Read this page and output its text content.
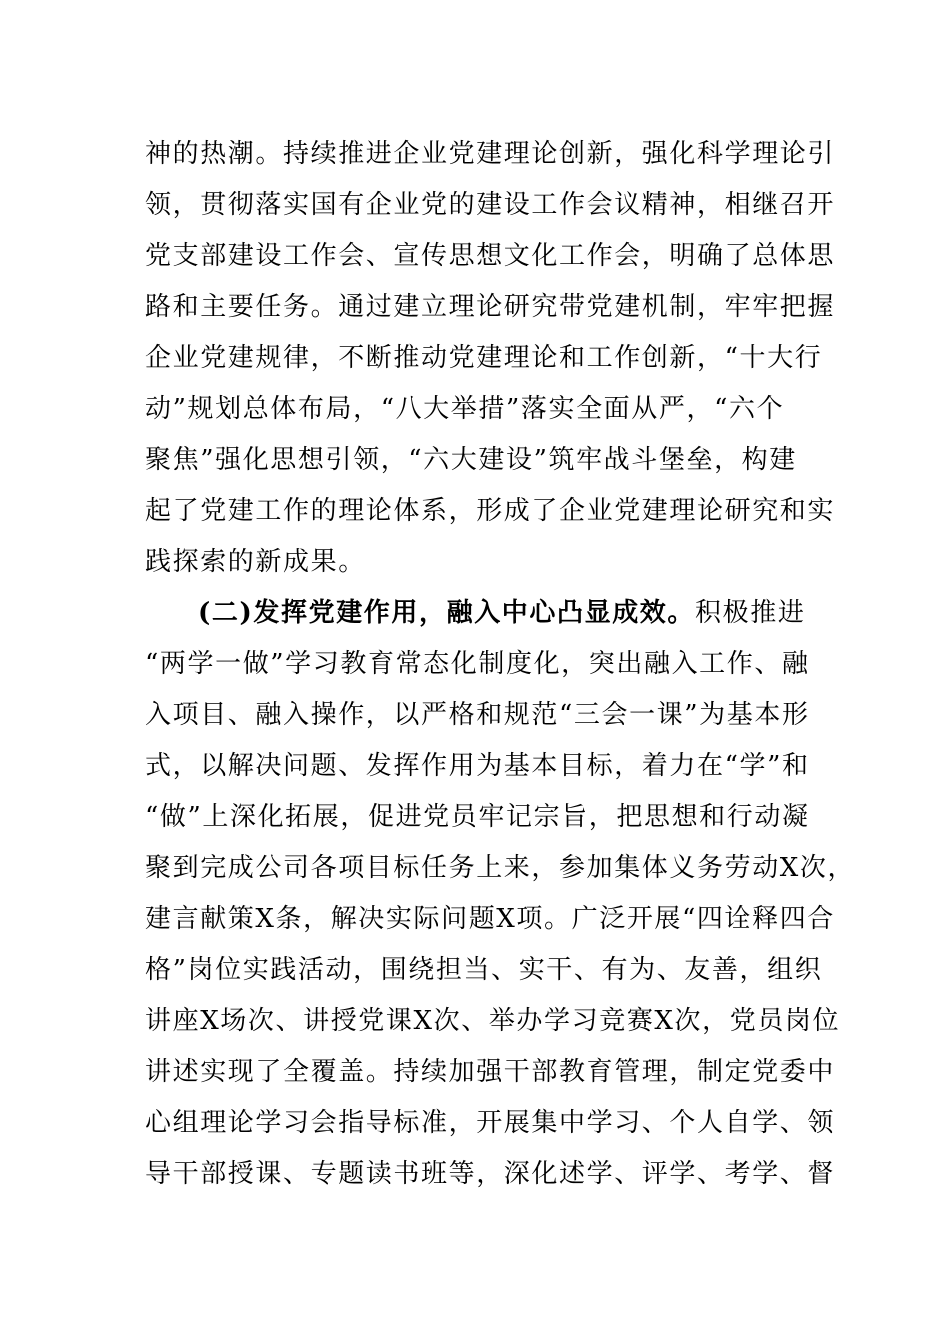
神的热潮。持续推进企业党建理论创新，强化科学理论引
领，贯彻落实国有企业党的建设工作会议精神，相继召开
党支部建设工作会、宣传思想文化工作会，明确了总体思
路和主要任务。通过建立理论研究带党建机制，牢牢把握
企业党建规律，不断推动党建理论和工作创新，“十大行
动”规划总体布局，“八大举措”落实全面从严，“六个
聚焦”强化思想引领，“六大建设”筑牢战斗堡垒，构建
起了党建工作的理论体系，形成了企业党建理论研究和实
践探索的新成果。
(二)发挥党建作用，融入中心凸显成效。积极推进
“两学一做”学习教育常态化制度化，突出融入工作、融
入项目、融入操作，以严格和规范“三会一课”为基本形
式，以解决问题、发挥作用为基本目标，着力在“学”和
“做”上深化拓展，促进党员牢记宗旨，把思想和行动凝
聚到完成公司各项目标任务上来，参加集体义务劳动X次，
建言献策X条，解决实际问题X项。广泛开展“四诠释四合
格”岗位实践活动，围绕担当、实干、有为、友善，组织
讲座X场次、讲授党课X次、举办学习竞赛X次，党员岗位
讲述实现了全覆盖。持续加强干部教育管理，制定党委中
心组理论学习会指导标准，开展集中学习、个人自学、领
导干部授课、专题读书班等，深化述学、评学、考学、督
